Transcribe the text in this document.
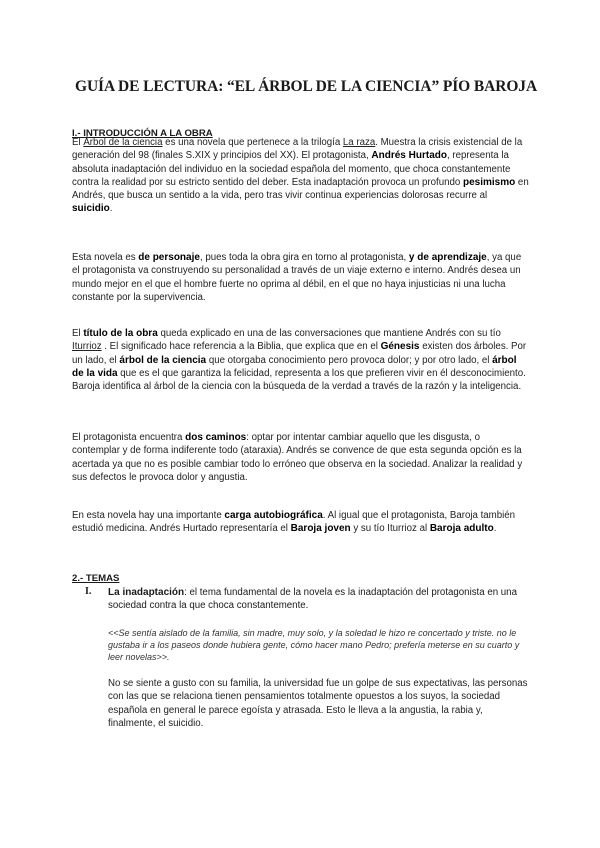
GUÍA DE LECTURA: “EL ÁRBOL DE LA CIENCIA” PÍO BAROJA
I.- INTRODUCCIÓN A LA OBRA
El Árbol de la ciencia es una novela que pertenece a la trilogía La raza. Muestra la crisis existencial de la generación del 98 (finales S.XIX y principios del XX). El protagonista, Andrés Hurtado, representa la absoluta inadaptación del individuo en la sociedad española del momento, que choca constantemente contra la realidad por su estricto sentido del deber. Esta inadaptación provoca un profundo pesimismo en Andrés, que busca un sentido a la vida, pero tras vivir continua experiencias dolorosas recurre al suicidio.
Esta novela es de personaje, pues toda la obra gira en torno al protagonista, y de aprendizaje, ya que el protagonista va construyendo su personalidad a través de un viaje externo e interno. Andrés desea un mundo mejor en el que el hombre fuerte no oprima al débil, en el que no haya injusticias ni una lucha constante por la supervivencia.
El título de la obra queda explicado en una de las conversaciones que mantiene Andrés con su tío Iturrioz . El significado hace referencia a la Biblia, que explica que en el Génesis existen dos árboles. Por un lado, el árbol de la ciencia que otorgaba conocimiento pero provoca dolor; y por otro lado, el árbol de la vida que es el que garantiza la felicidad, representa a los que prefieren vivir en él desconocimiento. Baroja identifica al árbol de la ciencia con la búsqueda de la verdad a través de la razón y la inteligencia.
El protagonista encuentra dos caminos: optar por intentar cambiar aquello que les disgusta, o contemplar y de forma indiferente todo (ataraxia). Andrés se convence de que esta segunda opción es la acertada ya que no es posible cambiar todo lo erróneo que observa en la sociedad. Analizar la realidad y sus defectos le provoca dolor y angustia.
En esta novela hay una importante carga autobiográfica. Al igual que el protagonista, Baroja también estudió medicina. Andrés Hurtado representaría el Baroja joven y su tío Iturrioz al Baroja adulto.
2.- TEMAS
I. La inadaptación: el tema fundamental de la novela es la inadaptación del protagonista en una sociedad contra la que choca constantemente.
<<Se sentía aislado de la familia, sin madre, muy solo, y la soledad le hizo re concertado y triste. no le gustaba ir a los paseos donde hubiera gente, cómo hacer mano Pedro; prefería meterse en su cuarto y leer novelas>>.
No se siente a gusto con su familia, la universidad fue un golpe de sus expectativas, las personas con las que se relaciona tienen pensamientos totalmente opuestos a los suyos, la sociedad española en general le parece egoísta y atrasada. Esto le lleva a la angustia, la rabia y, finalmente, el suicidio.
